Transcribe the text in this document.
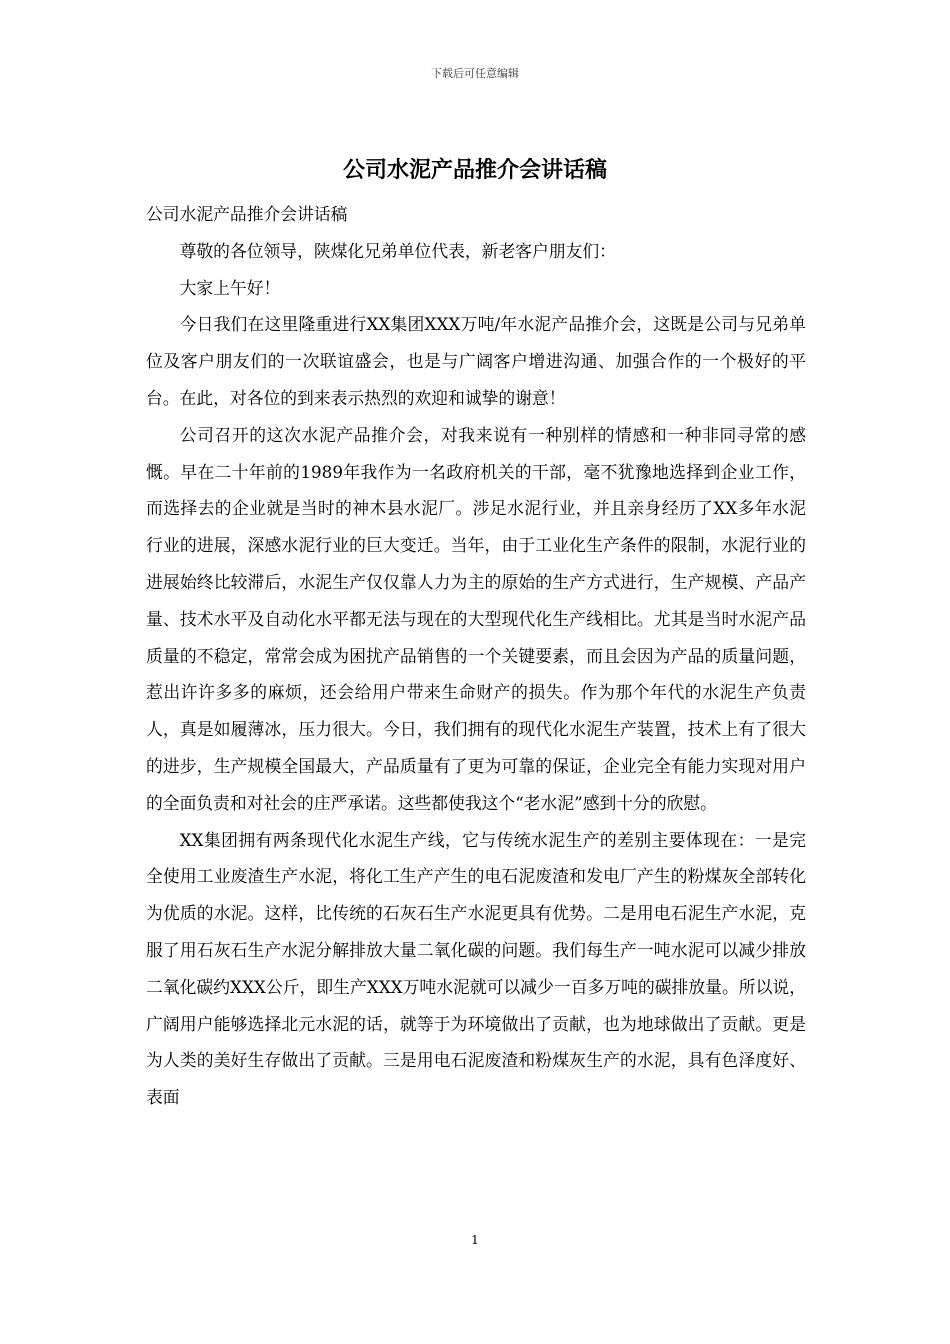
下载后可任意编辑
公司水泥产品推介会讲话稿

公司水泥产品推介会讲话稿

尊敬的各位领导，陕煤化兄弟单位代表，新老客户朋友们：

大家上午好！

今日我们在这里隆重进行XX集团XXX万吨/年水泥产品推介会，这既是公司与兄弟单位及客户朋友们的一次联谊盛会，也是与广阔客户增进沟通、加强合作的一个极好的平台。在此，对各位的到来表示热烈的欢迎和诚挚的谢意！

公司召开的这次水泥产品推介会，对我来说有一种别样的情感和一种非同寻常的感慨。早在二十年前的1989年我作为一名政府机关的干部，毫不犹豫地选择到企业工作，而选择去的企业就是当时的神木县水泥厂。涉足水泥行业，并且亲身经历了XX多年水泥行业的进展，深感水泥行业的巨大变迁。当年，由于工业化生产条件的限制，水泥行业的进展始终比较滞后，水泥生产仅仅靠人力为主的原始的生产方式进行，生产规模、产品产量、技术水平及自动化水平都无法与现在的大型现代化生产线相比。尤其是当时水泥产品质量的不稳定，常常会成为困扰产品销售的一个关键要素，而且会因为产品的质量问题，惹出许许多多的麻烦，还会给用户带来生命财产的损失。作为那个年代的水泥生产负责人，真是如履薄冰，压力很大。今日，我们拥有的现代化水泥生产装置，技术上有了很大的进步，生产规模全国最大，产品质量有了更为可靠的保证，企业完全有能力实现对用户的全面负责和对社会的庄严承诺。这些都使我这个“老水泥”感到十分的欣慰。

XX集团拥有两条现代化水泥生产线，它与传统水泥生产的差别主要体现在：一是完全使用工业废渣生产水泥，将化工生产产生的电石泥废渣和发电厂产生的粉煤灰全部转化为优质的水泥。这样，比传统的石灰石生产水泥更具有优势。二是用电石泥生产水泥，克服了用石灰石生产水泥分解排放大量二氧化碳的问题。我们每生产一吨水泥可以减少排放二氧化碳约XXX公斤，即生产XXX万吨水泥就可以减少一百多万吨的碳排放量。所以说，广阔用户能够选择北元水泥的话，就等于为环境做出了贡献，也为地球做出了贡献。更是为人类的美好生存做出了贡献。三是用电石泥废渣和粉煤灰生产的水泥，具有色泽度好、表面

1
